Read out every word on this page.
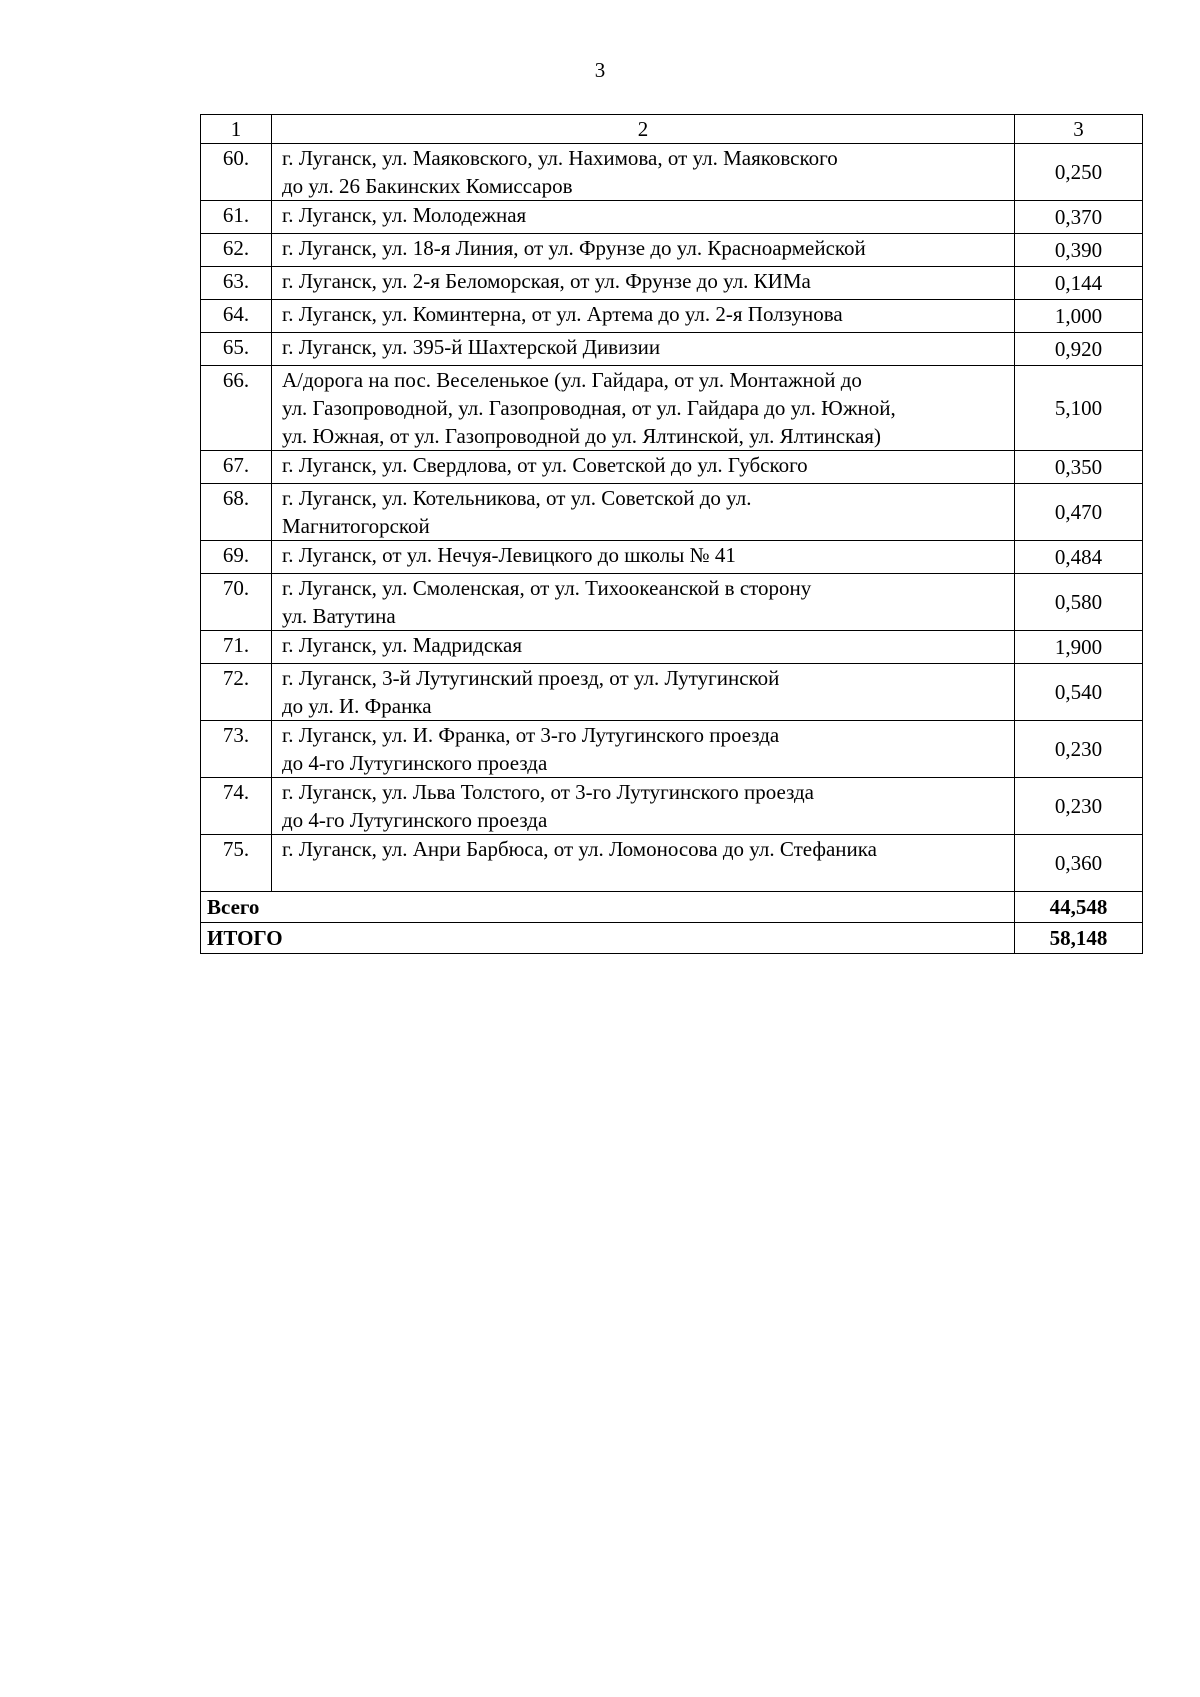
3
1	2	3
60.	г. Луганск, ул. Маяковского, ул. Нахимова, от ул. Маяковского
до ул. 26 Бакинских Комиссаров	0,250
61.	г. Луганск, ул. Молодежная	0,370
62.	г. Луганск, ул. 18-я Линия, от ул. Фрунзе до ул. Красноармейской	0,390
63.	г. Луганск, ул. 2-я Беломорская, от ул. Фрунзе до ул. КИМа	0,144
64.	г. Луганск, ул. Коминтерна, от ул. Артема до ул. 2-я Ползунова	1,000
65.	г. Луганск, ул. 395-й Шахтерской Дивизии	0,920
66.	А/дорога на пос. Веселенькое (ул. Гайдара, от ул. Монтажной до
ул. Газопроводной, ул. Газопроводная, от ул. Гайдара до ул. Южной,
ул. Южная, от ул. Газопроводной до ул. Ялтинской, ул. Ялтинская)	5,100
67.	г. Луганск, ул. Свердлова, от ул. Советской до ул. Губского	0,350
68.	г. Луганск, ул. Котельникова, от ул. Советской до ул.
Магнитогорской	0,470
69.	г. Луганск, от ул. Нечуя-Левицкого до школы № 41	0,484
70.	г. Луганск, ул. Смоленская, от ул. Тихоокеанской в сторону
ул. Ватутина	0,580
71.	г. Луганск, ул. Мадридская	1,900
72.	г. Луганск, 3-й Лутугинский проезд, от ул. Лутугинской
до ул. И. Франка	0,540
73.	г. Луганск, ул. И. Франка, от 3-го Лутугинского проезда
до 4-го Лутугинского проезда	0,230
74.	г. Луганск, ул. Льва Толстого, от 3-го Лутугинского проезда
до 4-го Лутугинского проезда	0,230
75.	г. Луганск, ул. Анри Барбюса, от ул. Ломоносова до ул. Стефаника	0,360
Всего		44,548
ИТОГО		58,148
